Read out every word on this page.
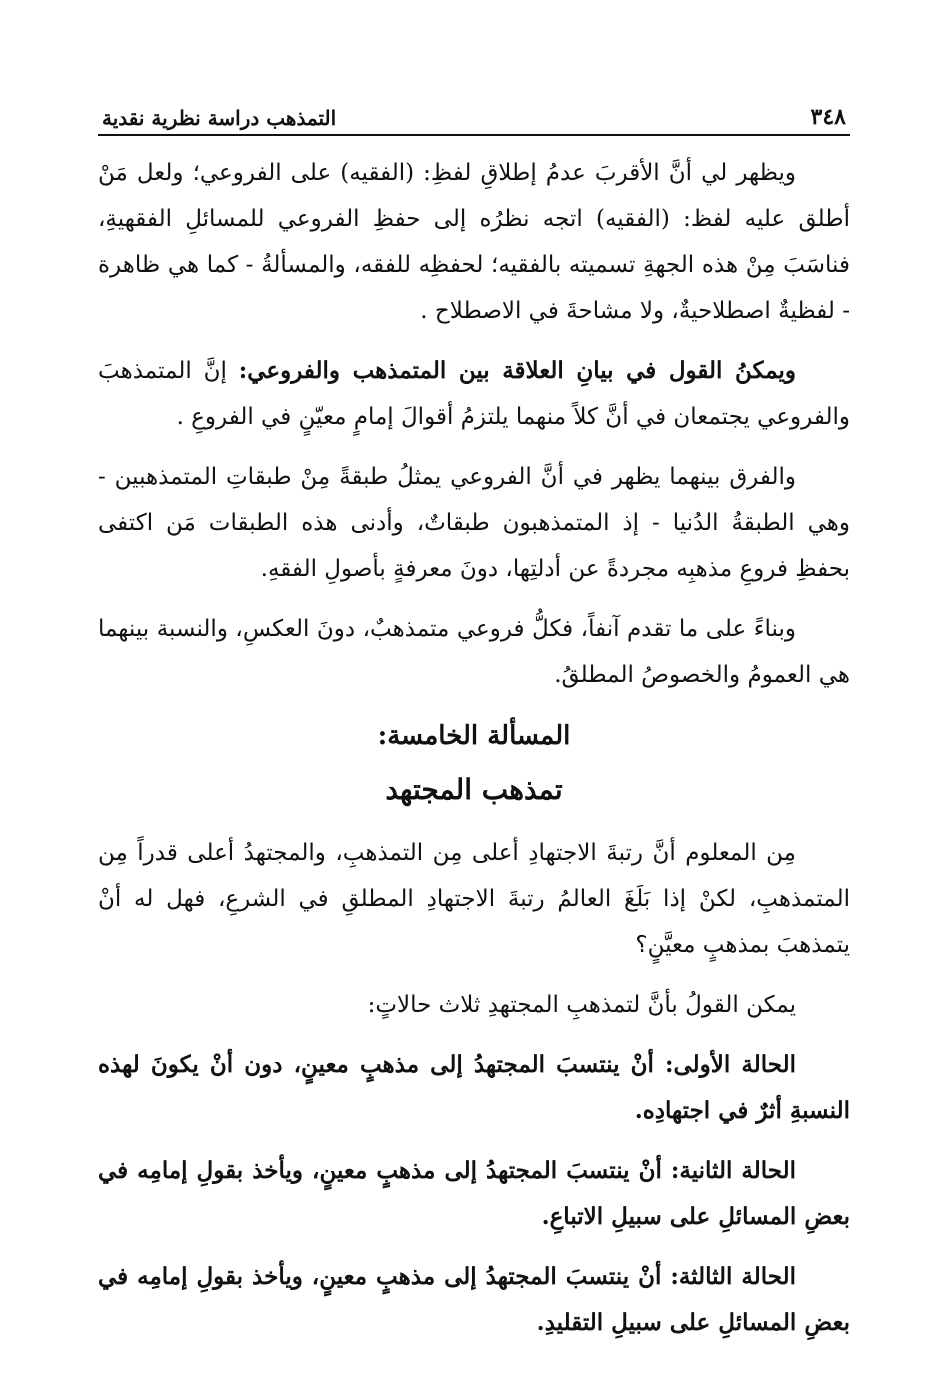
٣٤٨
التمذهب دراسة نظرية نقدية

ويظهر لي أنَّ الأقربَ عدمُ إطلاقِ لفظِ: (الفقيه) على الفروعي؛ ولعل مَنْ أطلق عليه لفظ: (الفقيه) اتجه نظرُه إلى حفظِ الفروعي للمسائلِ الفقهيةِ، فناسَبَ مِنْ هذه الجهةِ تسميته بالفقيه؛ لحفظِه للفقه، والمسألةُ - كما هي ظاهرة - لفظيةٌ اصطلاحيةٌ، ولا مشاحةَ في الاصطلاح .

ويمكنُ القول في بيانِ العلاقة بين المتمذهب والفروعي: إنَّ المتمذهبَ والفروعي يجتمعان في أنَّ كلاً منهما يلتزمُ أقوالَ إمامٍ معيّنٍ في الفروعِ .

والفرق بينهما يظهر في أنَّ الفروعي يمثلُ طبقةً مِنْ طبقاتِ المتمذهبين - وهي الطبقةُ الدُنيا - إذ المتمذهبون طبقاتٌ، وأدنى هذه الطبقات مَن اكتفى بحفظِ فروعِ مذهبِه مجردةً عن أدلتِها، دونَ معرفةٍ بأصولِ الفقهِ.

وبناءً على ما تقدم آنفاً، فكلُّ فروعي متمذهبٌ، دونَ العكسِ، والنسبة بينهما هي العمومُ والخصوصُ المطلقُ.

المسألة الخامسة:
تمذهب المجتهد

مِن المعلوم أنَّ رتبةَ الاجتهادِ أعلى مِن التمذهبِ، والمجتهدُ أعلى قدراً مِن المتمذهبِ، لكنْ إذا بَلَغَ العالمُ رتبةَ الاجتهادِ المطلقِ في الشرعِ، فهل له أنْ يتمذهبَ بمذهبٍ معيَّنٍ؟

يمكن القولُ بأنَّ لتمذهبِ المجتهدِ ثلاث حالاتٍ:

الحالة الأولى: أنْ ينتسبَ المجتهدُ إلى مذهبٍ معينٍ، دون أنْ يكونَ لهذه النسبةِ أثرٌ في اجتهادِه.

الحالة الثانية: أنْ ينتسبَ المجتهدُ إلى مذهبٍ معينٍ، ويأخذ بقولِ إمامِه في بعضِ المسائلِ على سبيلِ الاتباعِ.

الحالة الثالثة: أنْ ينتسبَ المجتهدُ إلى مذهبٍ معينٍ، ويأخذ بقولِ إمامِه في بعضِ المسائلِ على سبيلِ التقليدِ.
